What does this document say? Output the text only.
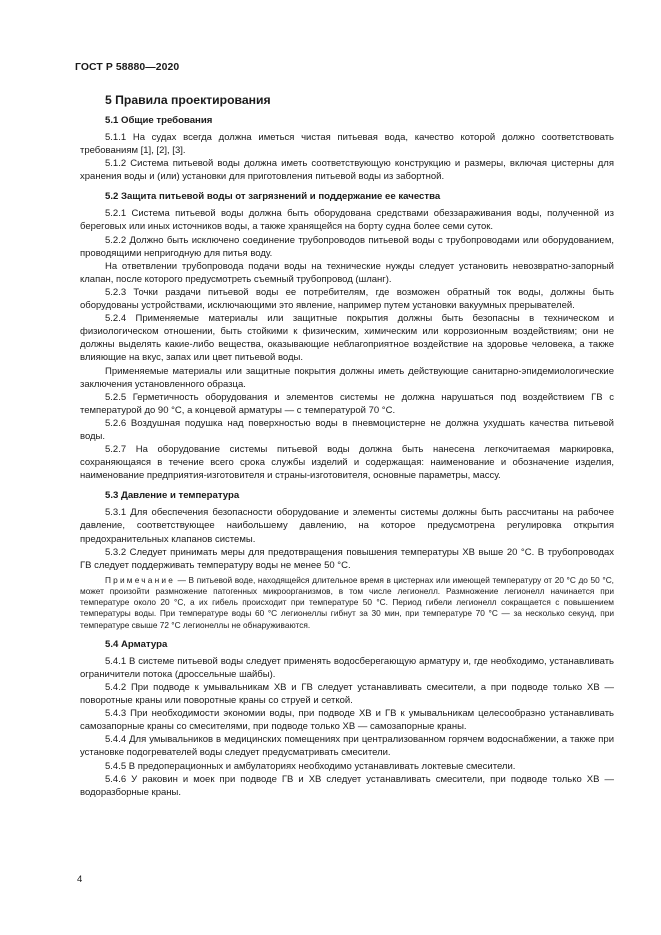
ГОСТ Р 58880—2020
5 Правила проектирования
5.1 Общие требования

5.1.1 На судах всегда должна иметься чистая питьевая вода, качество которой должно соответствовать требованиям [1], [2], [3].

5.1.2 Система питьевой воды должна иметь соответствующую конструкцию и размеры, включая цистерны для хранения воды и (или) установки для приготовления питьевой воды из забортной.

5.2 Защита питьевой воды от загрязнений и поддержание ее качества

5.2.1 Система питьевой воды должна быть оборудована средствами обеззараживания воды, полученной из береговых или иных источников воды, а также хранящейся на борту судна более семи суток.

5.2.2 Должно быть исключено соединение трубопроводов питьевой воды с трубопроводами или оборудованием, проводящими непригодную для питья воду.

На ответвлении трубопровода подачи воды на технические нужды следует установить невозвратно-запорный клапан, после которого предусмотреть съемный трубопровод (шланг).

5.2.3 Точки раздачи питьевой воды ее потребителям, где возможен обратный ток воды, должны быть оборудованы устройствами, исключающими это явление, например путем установки вакуумных прерывателей.

5.2.4 Применяемые материалы или защитные покрытия должны быть безопасны в техническом и физиологическом отношении, быть стойкими к физическим, химическим или коррозионным воздействиям; они не должны выделять какие-либо вещества, оказывающие неблагоприятное воздействие на здоровье человека, а также влияющие на вкус, запах или цвет питьевой воды.

Применяемые материалы или защитные покрытия должны иметь действующие санитарно-эпидемиологические заключения установленного образца.

5.2.5 Герметичность оборудования и элементов системы не должна нарушаться под воздействием ГВ с температурой до 90 °С, а концевой арматуры — с температурой 70 °С.

5.2.6 Воздушная подушка над поверхностью воды в пневмоцистерне не должна ухудшать качества питьевой воды.

5.2.7 На оборудование системы питьевой воды должна быть нанесена легкочитаемая маркировка, сохраняющаяся в течение всего срока службы изделий и содержащая: наименование и обозначение изделия, наименование предприятия-изготовителя и страны-изготовителя, основные параметры, массу.

5.3 Давление и температура

5.3.1 Для обеспечения безопасности оборудование и элементы системы должны быть рассчитаны на рабочее давление, соответствующее наибольшему давлению, на которое предусмотрена регулировка открытия предохранительных клапанов системы.

5.3.2 Следует принимать меры для предотвращения повышения температуры ХВ выше 20 °С. В трубопроводах ГВ следует поддерживать температуру воды не менее 50 °С.

Примечание — В питьевой воде, находящейся длительное время в цистернах или имеющей температуру от 20 °С до 50 °С, может произойти размножение патогенных микроорганизмов, в том числе легионелл. Размножение легионелл начинается при температуре около 20 °С, а их гибель происходит при температуре 50 °С. Период гибели легионелл сокращается с повышением температуры воды. При температуре воды 60 °С легионеллы гибнут за 30 мин, при температуре 70 °С — за несколько секунд, при температуре свыше 72 °С легионеллы не обнаруживаются.

5.4 Арматура

5.4.1 В системе питьевой воды следует применять водосберегающую арматуру и, где необходимо, устанавливать ограничители потока (дроссельные шайбы).

5.4.2 При подводе к умывальникам ХВ и ГВ следует устанавливать смесители, а при подводе только ХВ — поворотные краны или поворотные краны со струей и сеткой.

5.4.3 При необходимости экономии воды, при подводе ХВ и ГВ к умывальникам целесообразно устанавливать самозапорные краны со смесителями, при подводе только ХВ — самозапорные краны.

5.4.4 Для умывальников в медицинских помещениях при централизованном горячем водоснабжении, а также при установке подогревателей воды следует предусматривать смесители.

5.4.5 В предоперационных и амбулаториях необходимо устанавливать локтевые смесители.

5.4.6 У раковин и моек при подводе ГВ и ХВ следует устанавливать смесители, при подводе только ХВ — водоразборные краны.

4
